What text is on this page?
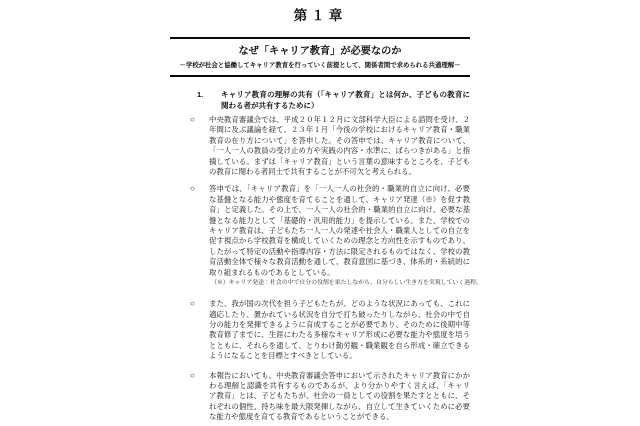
第１章
なぜ「キャリア教育」が必要なのか
－学校が社会と協働してキャリア教育を行っていく前提として、関係者間で求められる共通理解－
1.	キャリア教育の理解の共有（「キャリア教育」とは何か、子どもの教育に関わる者が共有するために）
○	中央教育審議会では、平成２０年１２月に文部科学大臣による諮問を受け、２年間に及ぶ議論を経て、２３年１月「今後の学校におけるキャリア教育・職業教育の在り方について」を答申した。その答申では、キャリア教育について、「一人一人の教員の受け止め方や実践の内容・水準に、ばらつきがある」と指摘している。まずは「キャリア教育」という言葉の意味するところを、子どもの教育に関わる者同士で共有することが不可欠と考えられる。
○	答申では、「キャリア教育」を「一人一人の社会的・職業的自立に向け、必要な基盤となる能力や態度を育てることを通して、キャリア発達（※）を促す教育」と定義した。その上で、一人一人の社会的・職業的自立に向け、必要な基盤となる能力として「基礎的・汎用的能力」を提示している。また、学校でのキャリア教育は、子どもたち一人一人の発達や社会人・職業人としての自立を促す視点から学校教育を構成していくための理念と方向性を示すものであり、したがって特定の活動や指導内容・方法に限定されるものではなく、学校の教育活動全体で様々な教育活動を通して、教育意図に基づき、体系的・系統的に取り組まれるものであるとしている。
（※）キャリア発達：社会の中で自分の役割を果たしながら、自分らしい生き方を実現していく過程。
○	また、我が国の次代を担う子どもたちが、どのような状況にあっても、これに適応したり、置かれている状況を自分で打ち破ったりしながら、社会の中で自分の能力を発揮できるように育成することが必要であり、そのために後期中等教育修了までに、生涯にわたる多様なキャリア形成に必要な能力や態度を培うとともに、それらを通して、とりわけ勤労観・職業観を自ら形成・確立できるようになることを目標とすべきとしている。
○	本報告においても、中央教育審議会答申において示されたキャリア教育にかかわる理解と認識を共有するものであるが、より分かりやすく言えば、「キャリア教育」とは、子どもたちが、社会の一員としての役割を果たすとともに、それぞれの個性、持ち味を最大限発揮しながら、自立して生きていくために必要な能力や態度を育てる教育であるということができる。
